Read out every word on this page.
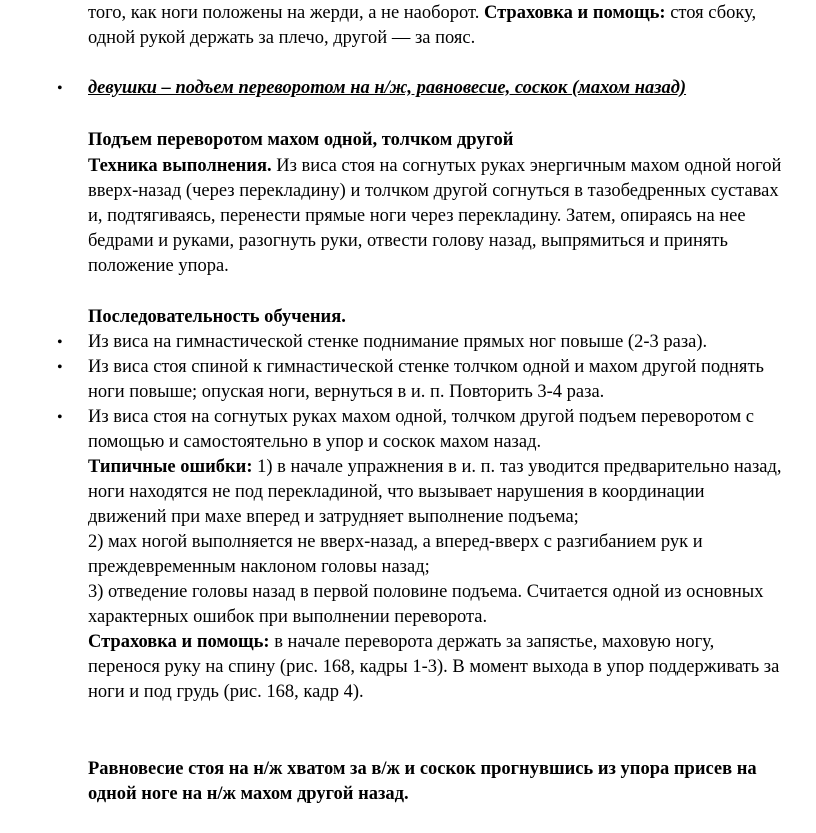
того, как ноги положены на жерди, а не наоборот. Страховка и помощь: стоя сбоку,
одной рукой держать за плечо, другой — за пояс.
• девушки – подъем переворотом на н/ж, равновесие, соскок (махом назад)
Подъем переворотом махом одной, толчком другой
Техника выполнения. Из виса стоя на согнутых руках энергичным махом одной ногой
вверх-назад (через перекладину) и толчком другой согнуться в тазобедренных суставах
и, подтягиваясь, перенести прямые ноги через перекладину. Затем, опираясь на нее
бедрами и руками, разогнуть руки, отвести голову назад, выпрямиться и принять
положение упора.
Последовательность обучения.
• Из виса на гимнастической стенке поднимание прямых ног повыше (2-3 раза).
• Из виса стоя спиной к гимнастической стенке толчком одной и махом другой поднять
ноги повыше; опуская ноги, вернуться в и. п. Повторить 3-4 раза.
• Из виса стоя на согнутых руках махом одной, толчком другой подъем переворотом с
помощью и самостоятельно в упор и соскок махом назад.
Типичные ошибки: 1) в начале упражнения в и. п. таз уводится предварительно назад,
ноги находятся не под перекладиной, что вызывает нарушения в координации
движений при махе вперед и затрудняет выполнение подъема;
2) мах ногой выполняется не вверх-назад, а вперед-вверх с разгибанием рук и
преждевременным наклоном головы назад;
3) отведение головы назад в первой половине подъема. Считается одной из основных
характерных ошибок при выполнении переворота.
Страховка и помощь: в начале переворота держать за запястье, маховую ногу,
перенося руку на спину (рис. 168, кадры 1-3). В момент выхода в упор поддерживать за
ноги и под грудь (рис. 168, кадр 4).
Равновесие стоя на н/ж хватом за в/ж и соскок прогнувшись из упора присев на
одной ноге на н/ж махом другой назад.
